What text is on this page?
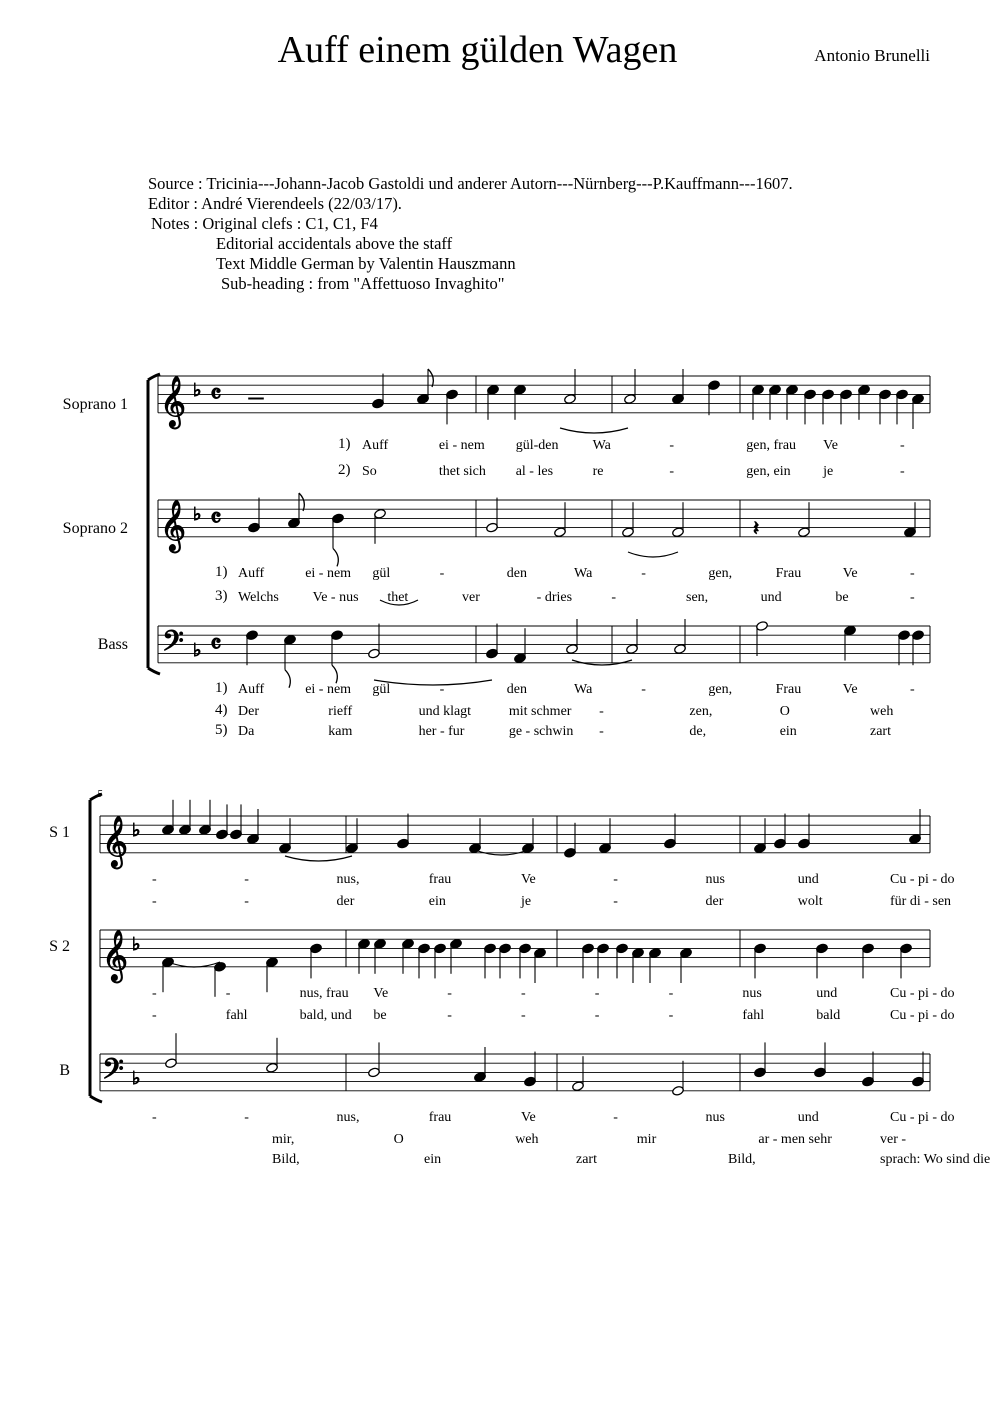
Auff einem gülden Wagen	Antonio Brunelli
Source : Tricinia---Johann-Jacob Gastoldi und anderer Autorn---Nürnberg---P.Kauffmann---1607.
Editor : André Vierendeels (22/03/17).
Notes : Original clefs : C1, C1, F4
Editorial accidentals above the staff
Text Middle German by Valentin Hauszmann
Sub-heading : from "Affettuoso Invaghito"
Soprano 1
Soprano 2
Bass
S 1
S 2
B
5
𝄞 ♭ 𝄴
𝄞 ♭ 𝄴
𝄢 ♭ 𝄴
𝄞 ♭
𝄞 ♭
𝄢 ♭
—
𝄽
1) Auff	ei - nem gül-den Wa	-	gen, frau Ve	-
2) So	thet sich al - les	re	-	gen, ein je	-
1) Auff	ei - nem gül	-	den	Wa	-	gen,	Frau	Ve	-
3) Welchs Ve - nus thet	ver	- dries	-	sen,	und	be	-
1) Auff	ei - nem gül	-	den	Wa	-	gen,	Frau	Ve	-
4) Der	rieff	und klagt	mit schmer -	zen,	O	weh
5) Da	kam	her - fur	ge - schwin -	de,	ein	zart
-	-	nus,	frau	Ve	-	nus	und	Cu - pi - do
-	-	der	ein	je	-	der	wolt	für di - sen
-	-	nus, frau Ve	-	-	-	-	nus	und	Cu - pi - do
-	fahl	bald, und be	-	-	-	-	fahl	bald	Cu - pi - do
-	-	nus,	frau	Ve	-	nus	und	Cu - pi - do
mir,	O	weh	mir	ar - men sehr	ver -
Bild,	ein	zart	Bild,	sprach: Wo sind die
